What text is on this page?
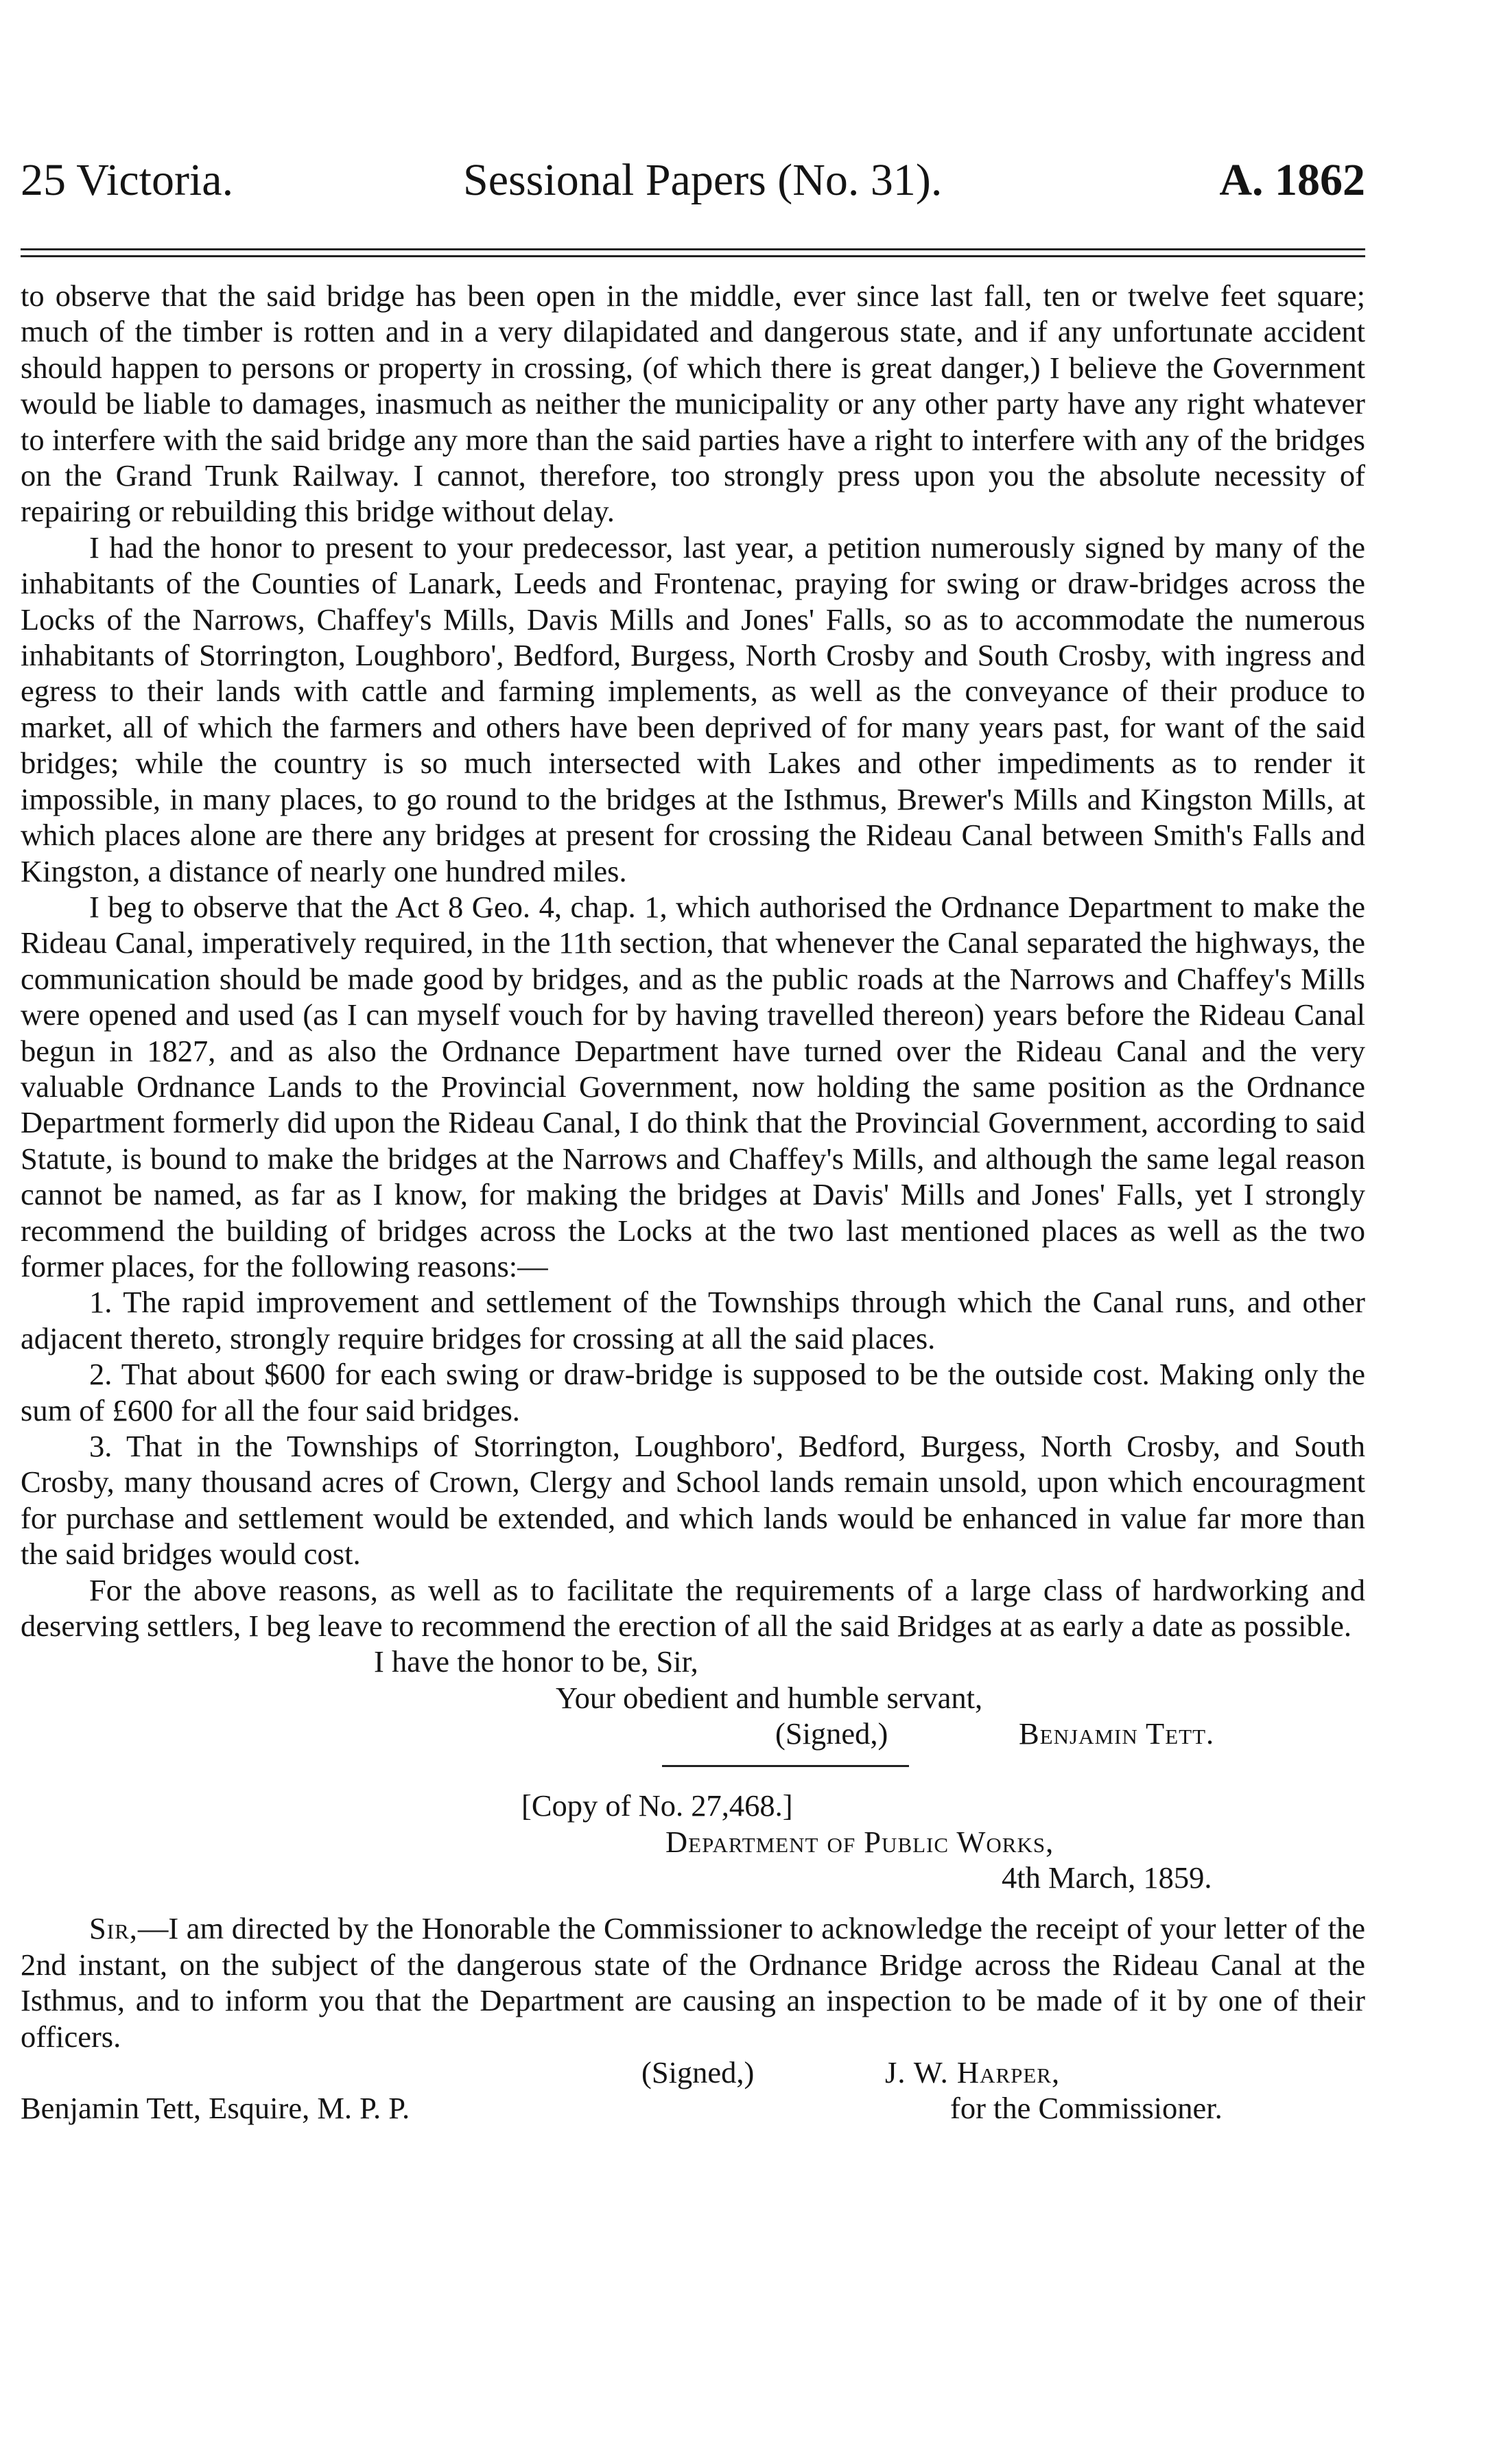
25 Victoria.	Sessional Papers (No. 31).	A. 1862

to observe that the said bridge has been open in the middle, ever since last fall, ten or twelve feet square; much of the timber is rotten and in a very dilapidated and dangerous state, and if any unfortunate accident should happen to persons or property in crossing, (of which there is great danger,) I believe the Government would be liable to damages, inasmuch as neither the municipality or any other party have any right whatever to interfere with the said bridge any more than the said parties have a right to interfere with any of the bridges on the Grand Trunk Railway. I cannot, therefore, too strongly press upon you the absolute necessity of repairing or rebuilding this bridge without delay.

I had the honor to present to your predecessor, last year, a petition numerously signed by many of the inhabitants of the Counties of Lanark, Leeds and Frontenac, praying for swing or draw-bridges across the Locks of the Narrows, Chaffey's Mills, Davis Mills and Jones' Falls, so as to accommodate the numerous inhabitants of Storrington, Loughboro', Bedford, Burgess, North Crosby and South Crosby, with ingress and egress to their lands with cattle and farming implements, as well as the conveyance of their produce to market, all of which the farmers and others have been deprived of for many years past, for want of the said bridges; while the country is so much intersected with Lakes and other impediments as to render it impossible, in many places, to go round to the bridges at the Isthmus, Brewer's Mills and Kingston Mills, at which places alone are there any bridges at present for crossing the Rideau Canal between Smith's Falls and Kingston, a distance of nearly one hundred miles.

I beg to observe that the Act 8 Geo. 4, chap. 1, which authorised the Ordnance Department to make the Rideau Canal, imperatively required, in the 11th section, that whenever the Canal separated the highways, the communication should be made good by bridges, and as the public roads at the Narrows and Chaffey's Mills were opened and used (as I can myself vouch for by having travelled thereon) years before the Rideau Canal begun in 1827, and as also the Ordnance Department have turned over the Rideau Canal and the very valuable Ordnance Lands to the Provincial Government, now holding the same position as the Ordnance Department formerly did upon the Rideau Canal, I do think that the Provincial Government, according to said Statute, is bound to make the bridges at the Narrows and Chaffey's Mills, and although the same legal reason cannot be named, as far as I know, for making the bridges at Davis' Mills and Jones' Falls, yet I strongly recommend the building of bridges across the Locks at the two last mentioned places as well as the two former places, for the following reasons:—

1. The rapid improvement and settlement of the Townships through which the Canal runs, and other adjacent thereto, strongly require bridges for crossing at all the said places.

2. That about $600 for each swing or draw-bridge is supposed to be the outside cost. Making only the sum of £600 for all the four said bridges.

3. That in the Townships of Storrington, Loughboro', Bedford, Burgess, North Crosby, and South Crosby, many thousand acres of Crown, Clergy and School lands remain unsold, upon which encouragment for purchase and settlement would be extended, and which lands would be enhanced in value far more than the said bridges would cost.

For the above reasons, as well as to facilitate the requirements of a large class of hardworking and deserving settlers, I beg leave to recommend the erection of all the said Bridges at as early a date as possible.

I have the honor to be, Sir,

Your obedient and humble servant,

(Signed,)	Benjamin Tett.

[Copy of No. 27,468.]

Department of Public Works,

4th March, 1859.

Sir,—I am directed by the Honorable the Commissioner to acknowledge the receipt of your letter of the 2nd instant, on the subject of the dangerous state of the Ordnance Bridge across the Rideau Canal at the Isthmus, and to inform you that the Department are causing an inspection to be made of it by one of their officers.

(Signed,)	J. W. Harper,
Benjamin Tett, Esquire, M. P. P.	for the Commissioner.
